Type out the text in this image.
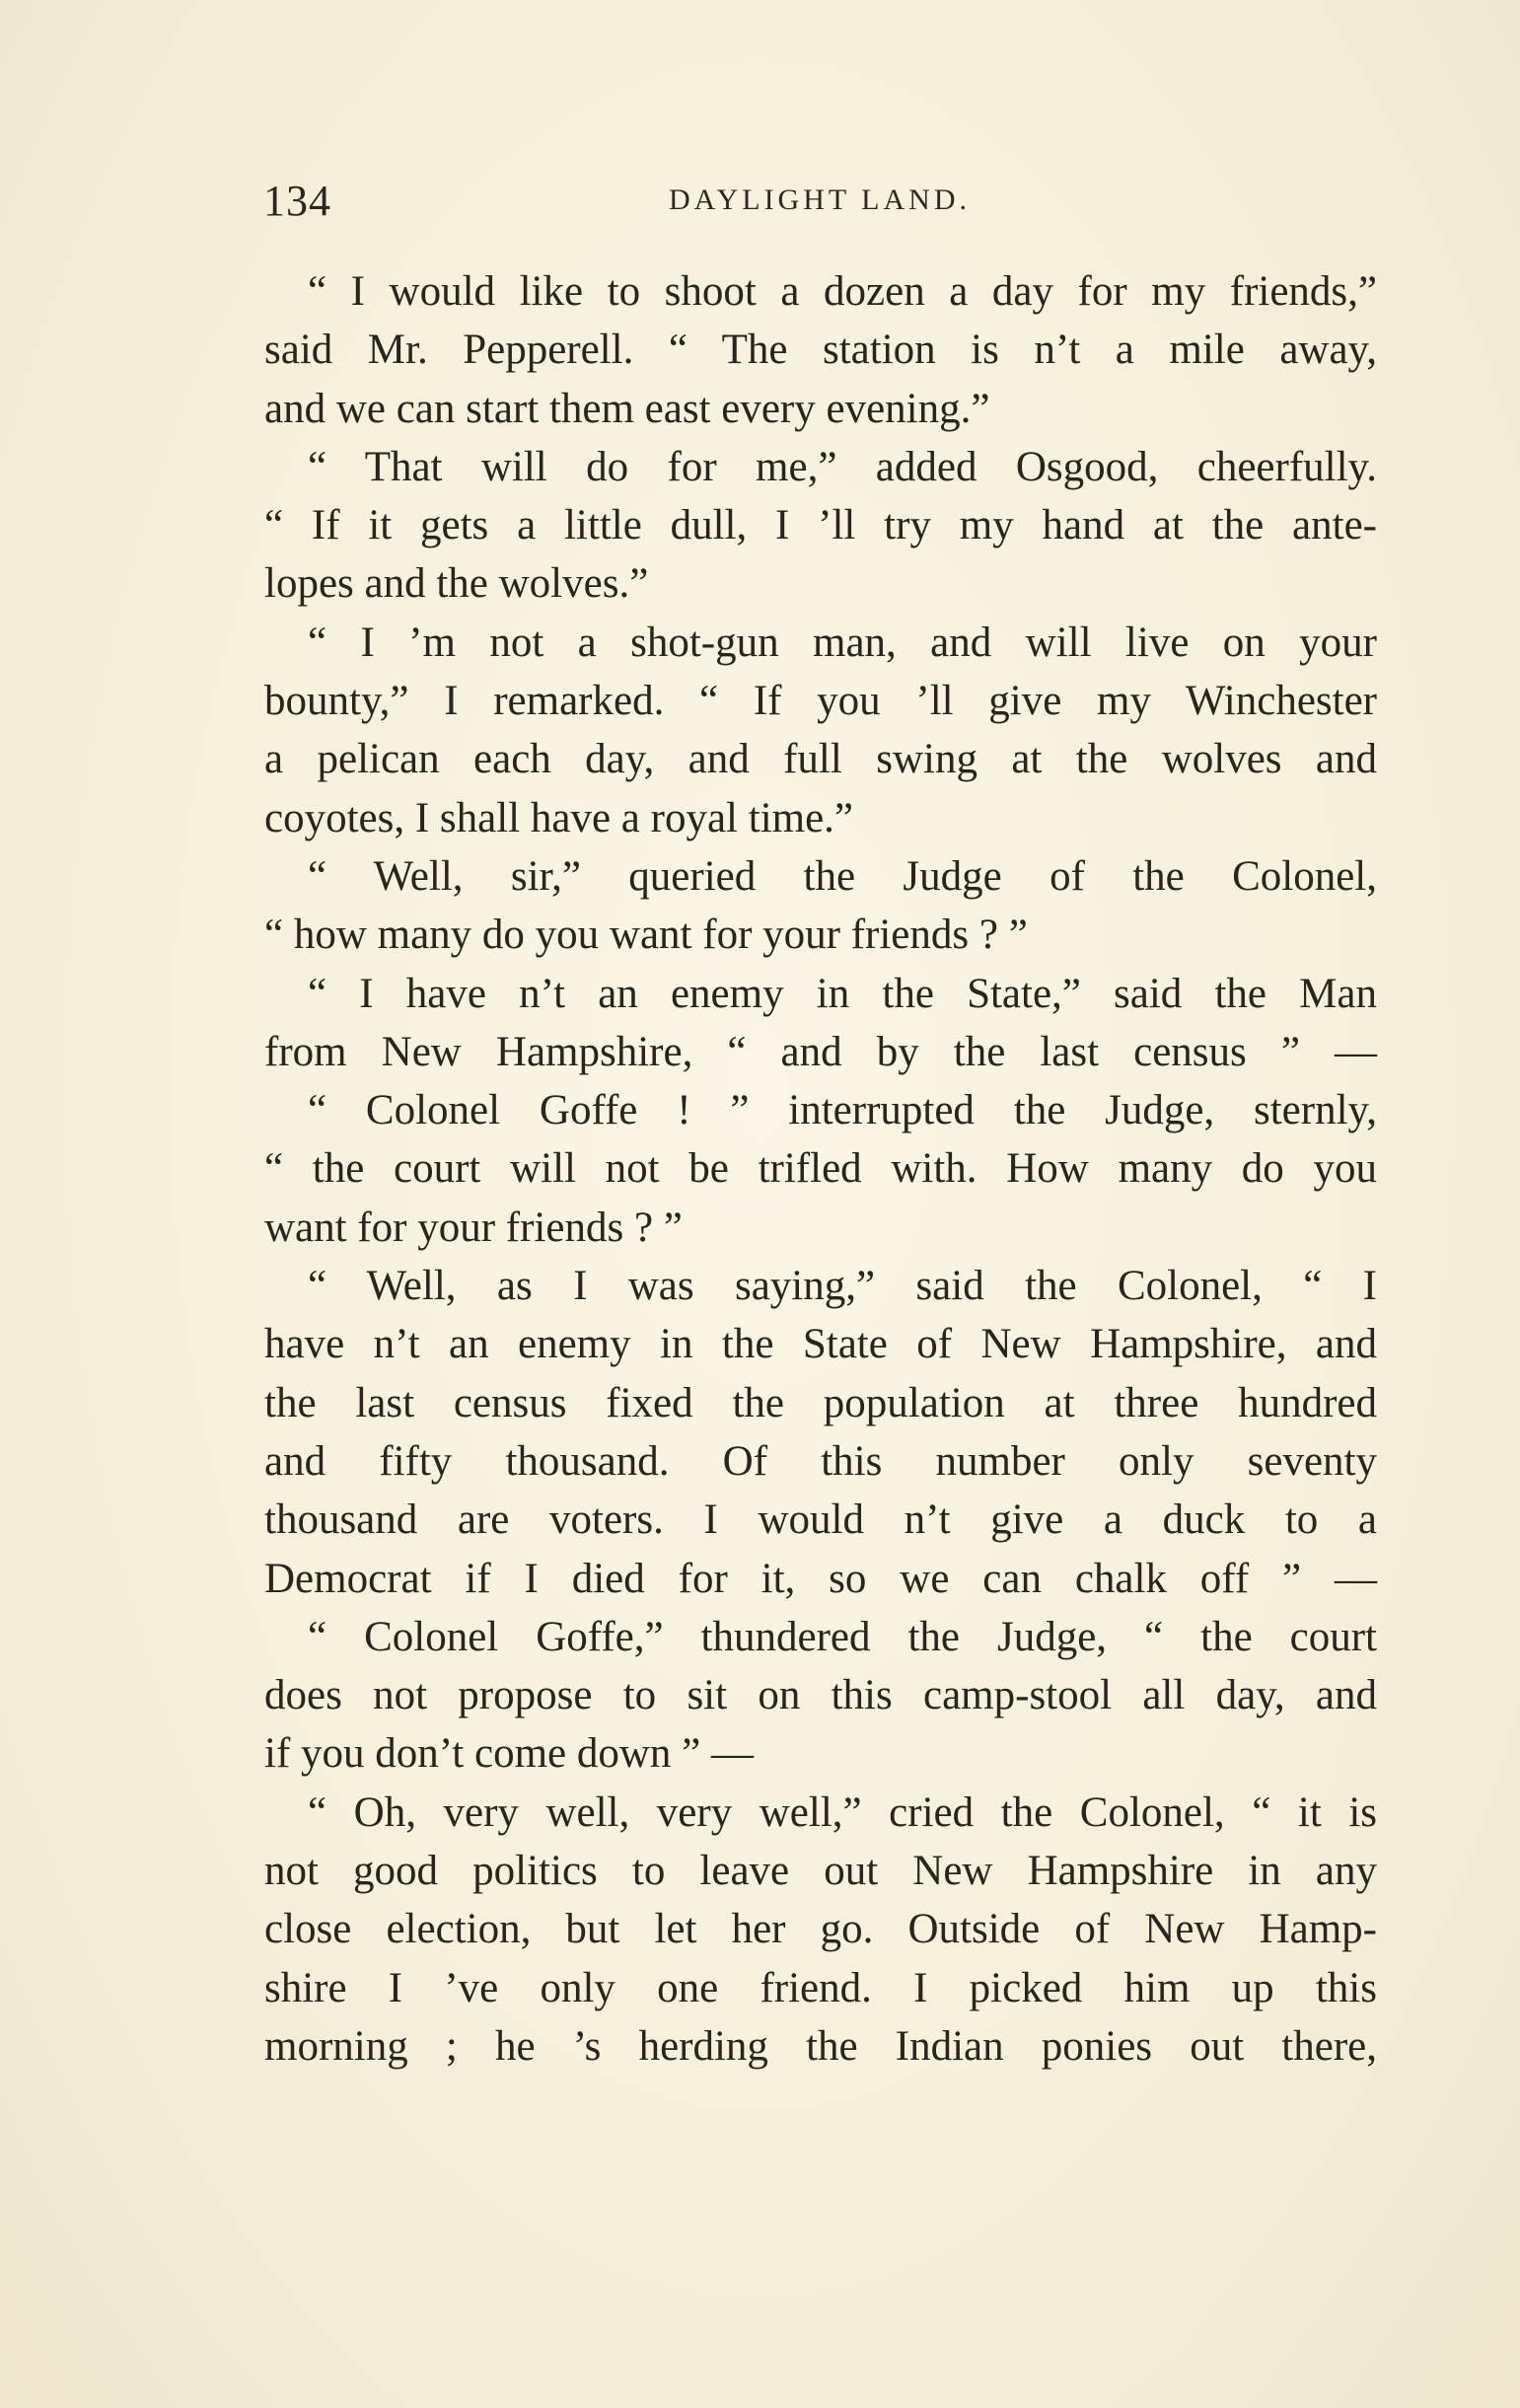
134	DAYLIGHT LAND.
“ I would like to shoot a dozen a day for my friends,”
said Mr. Pepperell. “ The station is n’t a mile away,
and we can start them east every evening.”
“ That will do for me,” added Osgood, cheerfully.
“ If it gets a little dull, I ’ll try my hand at the ante-
lopes and the wolves.”
“ I ’m not a shot-gun man, and will live on your
bounty,” I remarked. “ If you ’ll give my Winchester
a pelican each day, and full swing at the wolves and
coyotes, I shall have a royal time.”
“ Well, sir,” queried the Judge of the Colonel,
“ how many do you want for your friends ? ”
“ I have n’t an enemy in the State,” said the Man
from New Hampshire, “ and by the last census ” —
“ Colonel Goffe ! ” interrupted the Judge, sternly,
“ the court will not be trifled with. How many do you
want for your friends ? ”
“ Well, as I was saying,” said the Colonel, “ I
have n’t an enemy in the State of New Hampshire, and
the last census fixed the population at three hundred
and fifty thousand. Of this number only seventy
thousand are voters. I would n’t give a duck to a
Democrat if I died for it, so we can chalk off ” —
“ Colonel Goffe,” thundered the Judge, “ the court
does not propose to sit on this camp-stool all day, and
if you don’t come down ” —
“ Oh, very well, very well,” cried the Colonel, “ it is
not good politics to leave out New Hampshire in any
close election, but let her go. Outside of New Hamp-
shire I ’ve only one friend. I picked him up this
morning ; he ’s herding the Indian ponies out there,
